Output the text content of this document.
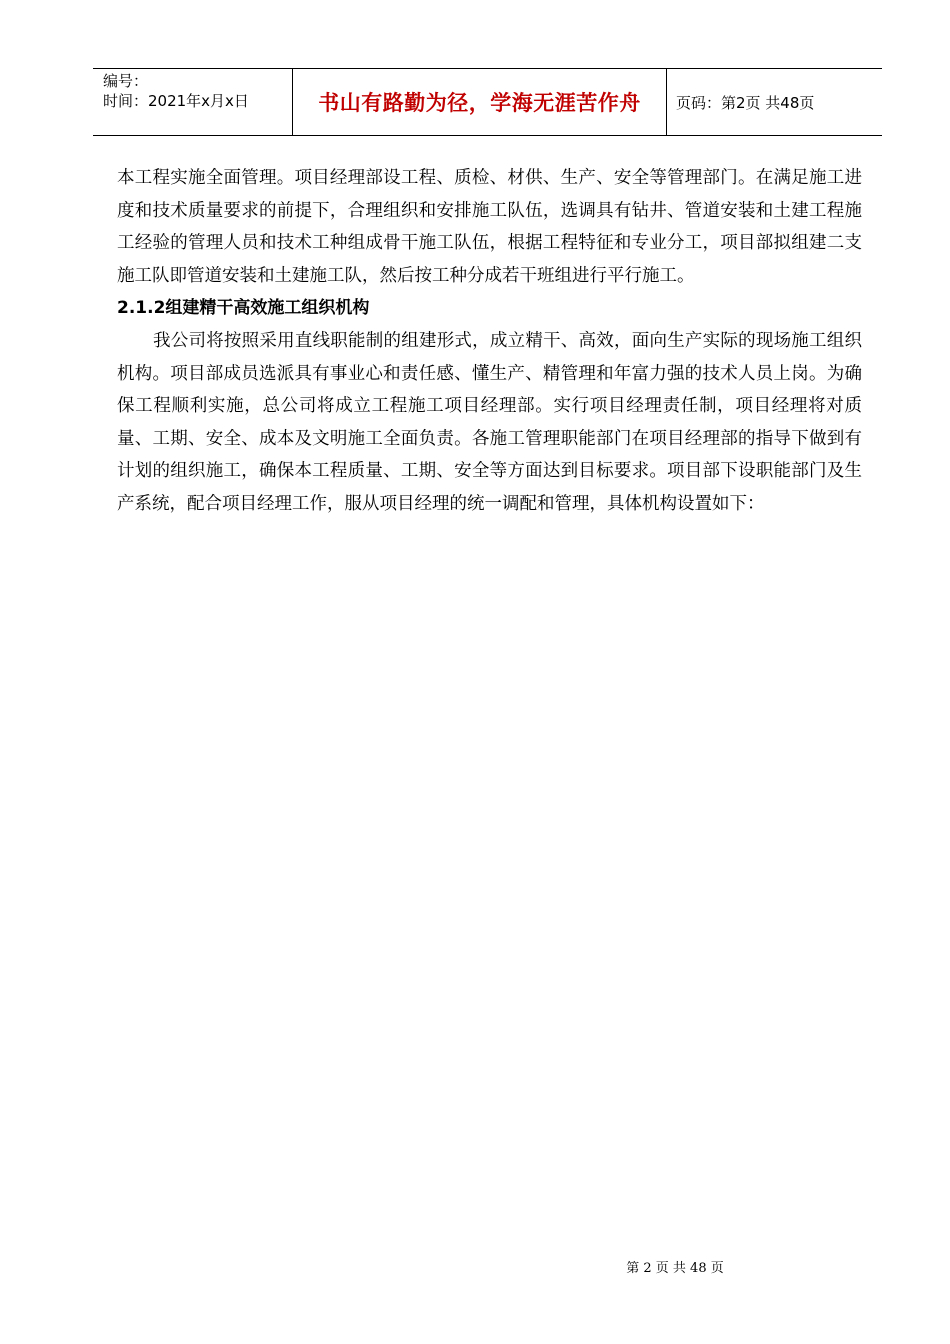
编号：
时间：2021年x月x日	书山有路勤为径，学海无涯苦作舟	页码：第2页 共48页

本工程实施全面管理。项目经理部设工程、质检、材供、生产、安全等管理部门。在满足施工进度和技术质量要求的前提下，合理组织和安排施工队伍，选调具有钻井、管道安装和土建工程施工经验的管理人员和技术工种组成骨干施工队伍，根据工程特征和专业分工，项目部拟组建二支施工队即管道安装和土建施工队，然后按工种分成若干班组进行平行施工。

2.1.2组建精干高效施工组织机构

我公司将按照采用直线职能制的组建形式，成立精干、高效，面向生产实际的现场施工组织机构。项目部成员选派具有事业心和责任感、懂生产、精管理和年富力强的技术人员上岗。为确保工程顺利实施，总公司将成立工程施工项目经理部。实行项目经理责任制，项目经理将对质量、工期、安全、成本及文明施工全面负责。各施工管理职能部门在项目经理部的指导下做到有计划的组织施工，确保本工程质量、工期、安全等方面达到目标要求。项目部下设职能部门及生产系统，配合项目经理工作，服从项目经理的统一调配和管理，具体机构设置如下：

第 2 页 共 48 页
